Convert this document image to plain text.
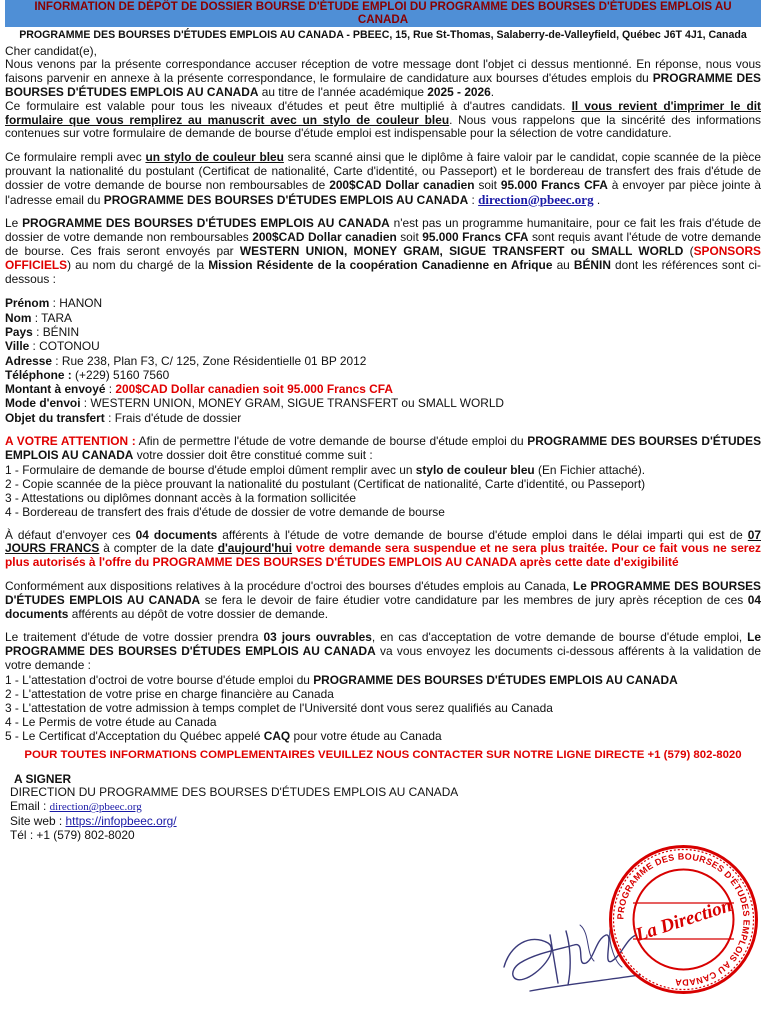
INFORMATION DE DÉPÔT DE DOSSIER BOURSE D'ÉTUDE EMPLOI DU PROGRAMME DES BOURSES D'ÉTUDES EMPLOIS AU CANADA
PROGRAMME DES BOURSES D'ÉTUDES EMPLOIS AU CANADA - PBEEC, 15, Rue St-Thomas, Salaberry-de-Valleyfield, Québec J6T 4J1, Canada

Cher candidat(e),

Nous venons par la présente correspondance accuser réception de votre message dont l'objet ci dessus mentionné. En réponse, nous vous faisons parvenir en annexe à la présente correspondance, le formulaire de candidature aux bourses d'études emplois du PROGRAMME DES BOURSES D'ÉTUDES EMPLOIS AU CANADA au titre de l'année académique 2025 - 2026.

Ce formulaire est valable pour tous les niveaux d'études et peut être multiplié à d'autres candidats. Il vous revient d'imprimer le dit formulaire que vous remplirez au manuscrit avec un stylo de couleur bleu. Nous vous rappelons que la sincérité des informations contenues sur votre formulaire de demande de bourse d'étude emploi est indispensable pour la sélection de votre candidature.

Ce formulaire rempli avec un stylo de couleur bleu sera scanné ainsi que le diplôme à faire valoir par le candidat, copie scannée de la pièce prouvant la nationalité du postulant (Certificat de nationalité, Carte d'identité, ou Passeport) et le bordereau de transfert des frais d'étude de dossier de votre demande de bourse non remboursables de 200$CAD Dollar canadien soit 95.000 Francs CFA à envoyer par pièce jointe à l'adresse email du PROGRAMME DES BOURSES D'ÉTUDES EMPLOIS AU CANADA : direction@pbeec.org .

Le PROGRAMME DES BOURSES D'ÉTUDES EMPLOIS AU CANADA n'est pas un programme humanitaire, pour ce fait les frais d'étude de dossier de votre demande non remboursables 200$CAD Dollar canadien soit 95.000 Francs CFA sont requis avant l'étude de votre demande de bourse. Ces frais seront envoyés par WESTERN UNION, MONEY GRAM, SIGUE TRANSFERT ou SMALL WORLD (SPONSORS OFFICIELS) au nom du chargé de la Mission Résidente de la coopération Canadienne en Afrique au BÉNIN dont les références sont ci-dessous :

Prénom : HANON
Nom : TARA
Pays : BÉNIN
Ville : COTONOU
Adresse : Rue 238, Plan F3, C/ 125, Zone Résidentielle 01 BP 2012
Téléphone : (+229) 5160 7560
Montant à envoyé : 200$CAD Dollar canadien soit 95.000 Francs CFA
Mode d'envoi : WESTERN UNION, MONEY GRAM, SIGUE TRANSFERT ou SMALL WORLD
Objet du transfert : Frais d'étude de dossier

A VOTRE ATTENTION : Afin de permettre l'étude de votre demande de bourse d'étude emploi du PROGRAMME DES BOURSES D'ÉTUDES EMPLOIS AU CANADA votre dossier doit être constitué comme suit :

1 - Formulaire de demande de bourse d'étude emploi dûment remplir avec un stylo de couleur bleu (En Fichier attaché).
2 - Copie scannée de la pièce prouvant la nationalité du postulant (Certificat de nationalité, Carte d'identité, ou Passeport)
3 - Attestations ou diplômes donnant accès à la formation sollicitée
4 - Bordereau de transfert des frais d'étude de dossier de votre demande de bourse

À défaut d'envoyer ces 04 documents afférents à l'étude de votre demande de bourse d'étude emploi dans le délai imparti qui est de 07 JOURS FRANCS à compter de la date d'aujourd'hui votre demande sera suspendue et ne sera plus traitée. Pour ce fait vous ne serez plus autorisés à l'offre du PROGRAMME DES BOURSES D'ÉTUDES EMPLOIS AU CANADA après cette date d'exigibilité

Conformément aux dispositions relatives à la procédure d'octroi des bourses d'études emplois au Canada, Le PROGRAMME DES BOURSES D'ÉTUDES EMPLOIS AU CANADA se fera le devoir de faire étudier votre candidature par les membres de jury après réception de ces 04 documents afférents au dépôt de votre dossier de demande.

Le traitement d'étude de votre dossier prendra 03 jours ouvrables, en cas d'acceptation de votre demande de bourse d'étude emploi, Le PROGRAMME DES BOURSES D'ÉTUDES EMPLOIS AU CANADA va vous envoyez les documents ci-dessous afférents à la validation de votre demande :

1 - L'attestation d'octroi de votre bourse d'étude emploi du PROGRAMME DES BOURSES D'ÉTUDES EMPLOIS AU CANADA
2 - L'attestation de votre prise en charge financière au Canada
3 - L'attestation de votre admission à temps complet de l'Université dont vous serez qualifiés au Canada
4 - Le Permis de votre étude au Canada
5 - Le Certificat d'Acceptation du Québec appelé CAQ pour votre étude au Canada

POUR TOUTES INFORMATIONS COMPLEMENTAIRES VEUILLEZ NOUS CONTACTER SUR NOTRE LIGNE DIRECTE +1 (579) 802-8020

A SIGNER
DIRECTION DU PROGRAMME DES BOURSES D'ÉTUDES EMPLOIS AU CANADA
Email : direction@pbeec.org
Site web : https://infopbeec.org/
Tél : +1 (579) 802-8020
PROGRAMME DES BOURSES D'ÉTUDES EMPLOIS AU CANADA
La Direction
